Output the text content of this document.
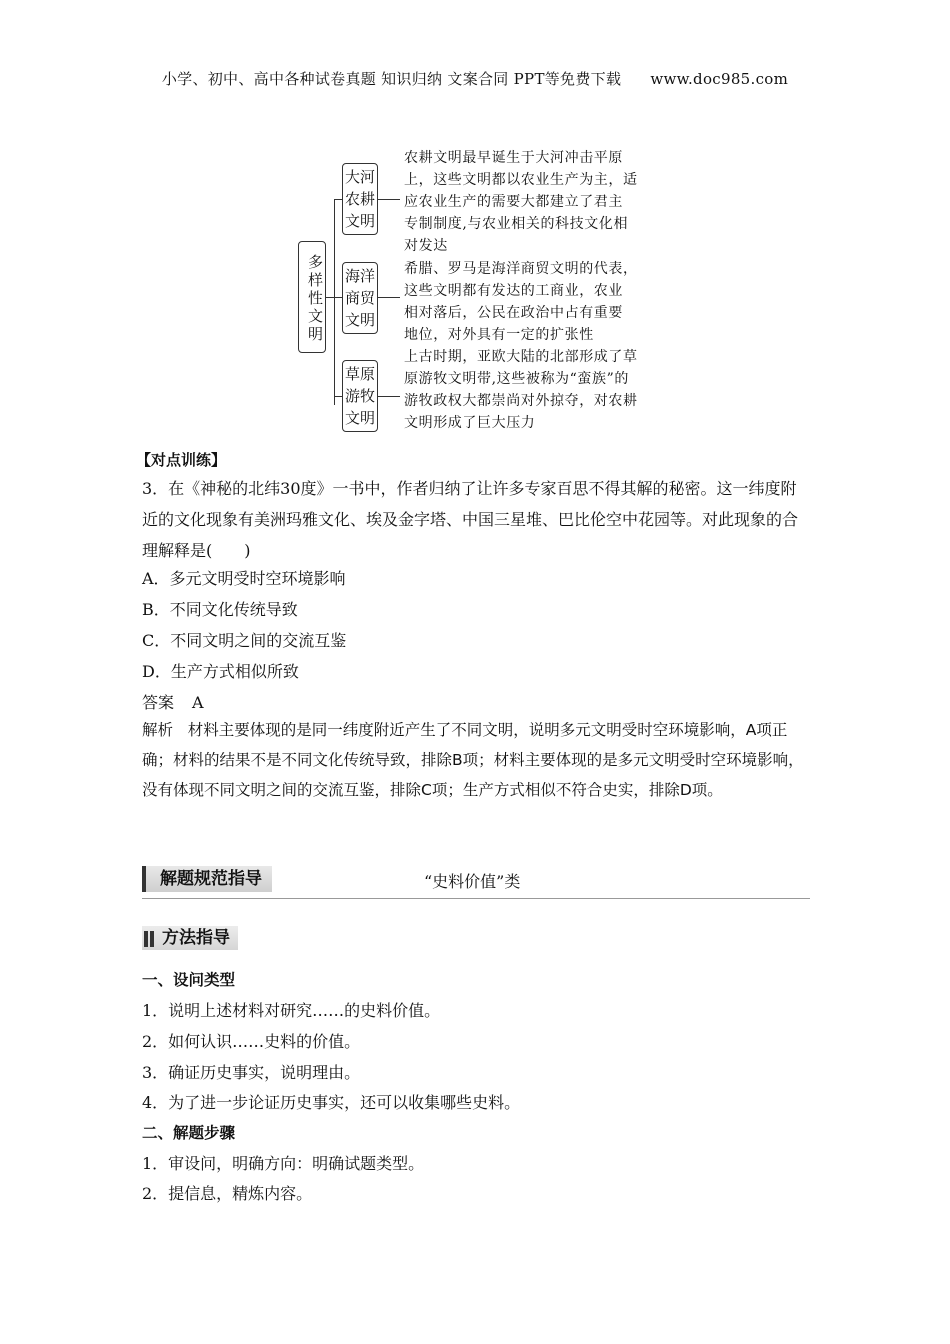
小学、初中、高中各种试卷真题 知识归纳 文案合同 PPT等免费下载 www.doc985.com
多样性文明
大河
农耕
文明
农耕文明最早诞生于大河冲击平原
上，这些文明都以农业生产为主，适
应农业生产的需要大都建立了君主
专制制度,与农业相关的科技文化相
对发达
海洋
商贸
文明
希腊、罗马是海洋商贸文明的代表，
这些文明都有发达的工商业，农业
相对落后，公民在政治中占有重要
地位，对外具有一定的扩张性
草原
游牧
文明
上古时期，亚欧大陆的北部形成了草
原游牧文明带,这些被称为“蛮族”的
游牧政权大都崇尚对外掠夺，对农耕
文明形成了巨大压力
【对点训练】
3．在《神秘的北纬30度》一书中，作者归纳了让许多专家百思不得其解的秘密。这一纬度附近的文化现象有美洲玛雅文化、埃及金字塔、中国三星堆、巴比伦空中花园等。对此现象的合理解释是(　　)
A．多元文明受时空环境影响
B．不同文化传统导致
C．不同文明之间的交流互鉴
D．生产方式相似所致
答案 A
解析 材料主要体现的是同一纬度附近产生了不同文明，说明多元文明受时空环境影响，A项正确；材料的结果不是不同文化传统导致，排除B项；材料主要体现的是多元文明受时空环境影响，没有体现不同文明之间的交流互鉴，排除C项；生产方式相似不符合史实，排除D项。
解题规范指导	“史料价值”类
方法指导
一、设问类型
1．说明上述材料对研究……的史料价值。
2．如何认识……史料的价值。
3．确证历史事实，说明理由。
4．为了进一步论证历史事实，还可以收集哪些史料。
二、解题步骤
1．审设问，明确方向：明确试题类型。
2．提信息，精炼内容。
